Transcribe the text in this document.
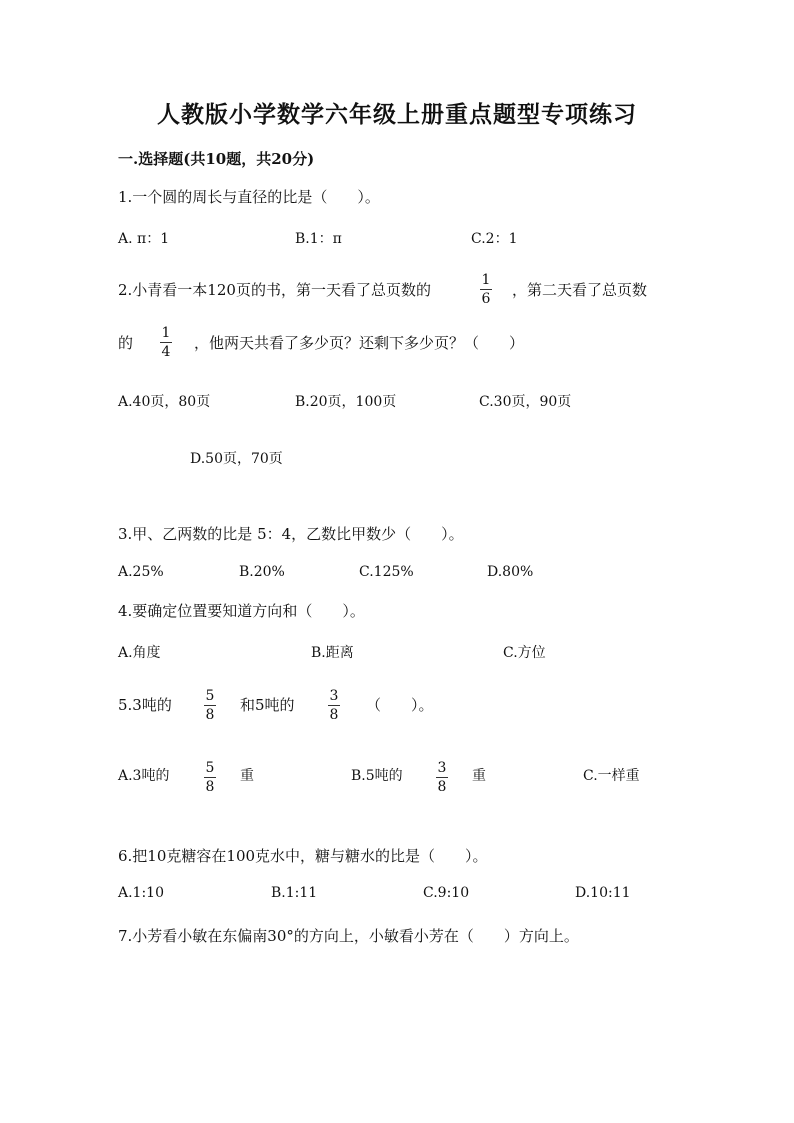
人教版小学数学六年级上册重点题型专项练习
一.选择题(共10题，共20分)
1.一个圆的周长与直径的比是（　　）。
A. π：1	B.1：π	C.2：1
2.小青看一本120页的书，第一天看了总页数的
1
6 ，第二天看了总页数
的
1
4 ，他两天共看了多少页？还剩下多少页？（　　）
A.40页，80页	B.20页，100页	C.30页，90页
D.50页，70页
3.甲、乙两数的比是 5：4，乙数比甲数少（　　）。
A.25%	B.20%	C.125%	D.80%
4.要确定位置要知道方向和（　　）。
A.角度	B.距离	C.方位
5.3吨的 5
8
和5吨的 3
8
（　　）。
A.3吨的	5
8
重	B.5吨的 3
8
重	C.一样重
6.把10克糖容在100克水中，糖与糖水的比是（　　）。
A.1:10	B.1:11	C.9:10	D.10:11
7.小芳看小敏在东偏南30°的方向上，小敏看小芳在（　　）方向上。
